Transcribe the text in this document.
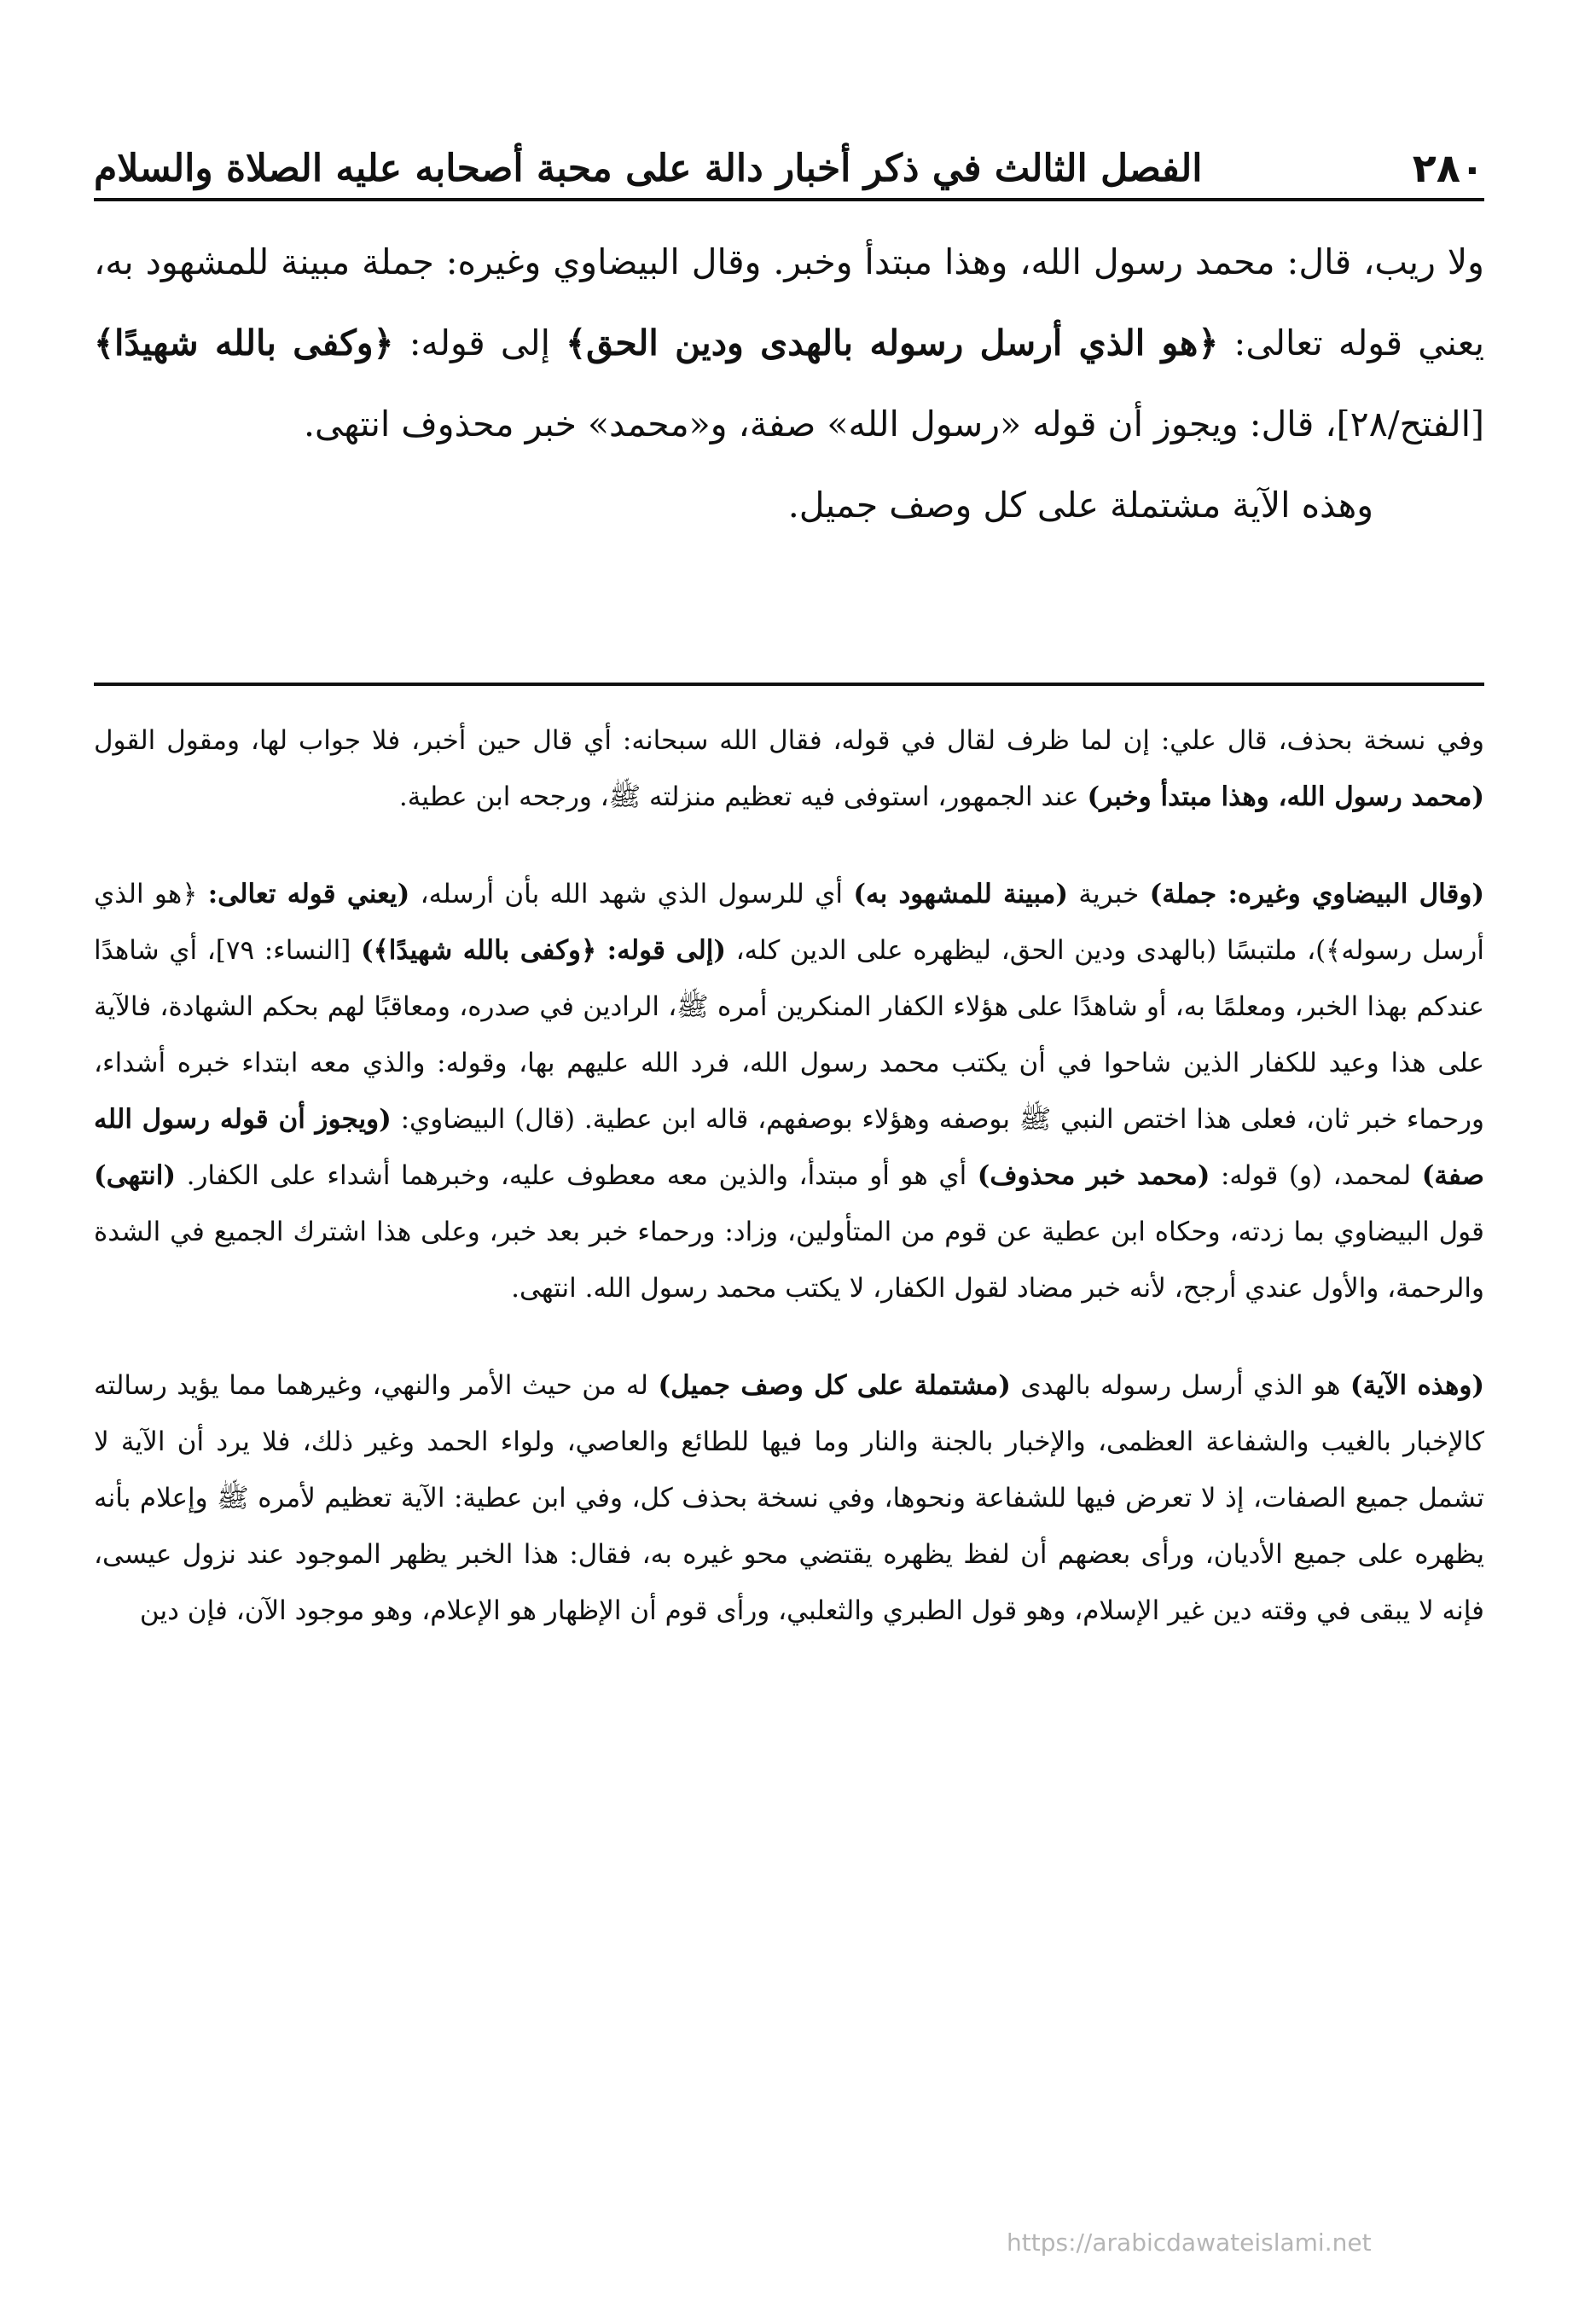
٢٨٠
الفصل الثالث في ذكر أخبار دالة على محبة أصحابه عليه الصلاة والسلام

ولا ريب، قال: محمد رسول الله، وهذا مبتدأ وخبر. وقال البيضاوي وغيره: جملة مبينة للمشهود به، يعني قوله تعالى: ﴿هو الذي أرسل رسوله بالهدى ودين الحق﴾ إلى قوله: ﴿وكفى بالله شهيدًا﴾ [الفتح/٢٨]، قال: ويجوز أن قوله «رسول الله» صفة، و«محمد» خبر محذوف انتهى.

وهذه الآية مشتملة على كل وصف جميل.

وفي نسخة بحذف، قال علي: إن لما ظرف لقال في قوله، فقال الله سبحانه: أي قال حين أخبر، فلا جواب لها، ومقول القول (محمد رسول الله، وهذا مبتدأ وخبر) عند الجمهور، استوفى فيه تعظيم منزلته ﷺ، ورجحه ابن عطية.

(وقال البيضاوي وغيره: جملة) خبرية (مبينة للمشهود به) أي للرسول الذي شهد الله بأن أرسله، (يعني قوله تعالى: ﴿هو الذي أرسل رسوله﴾)، ملتبسًا (بالهدى ودين الحق، ليظهره على الدين كله، (إلى قوله: ﴿وكفى بالله شهيدًا﴾) [النساء: ٧٩]، أي شاهدًا عندكم بهذا الخبر، ومعلمًا به، أو شاهدًا على هؤلاء الكفار المنكرين أمره ﷺ، الرادين في صدره، ومعاقبًا لهم بحكم الشهادة، فالآية على هذا وعيد للكفار الذين شاحوا في أن يكتب محمد رسول الله، فرد الله عليهم بها، وقوله: والذي معه ابتداء خبره أشداء، ورحماء خبر ثان، فعلى هذا اختص النبي ﷺ بوصفه وهؤلاء بوصفهم، قاله ابن عطية. (قال) البيضاوي: (ويجوز أن قوله رسول الله صفة) لمحمد، (و) قوله: (محمد خبر محذوف) أي هو أو مبتدأ، والذين معه معطوف عليه، وخبرهما أشداء على الكفار. (انتهى) قول البيضاوي بما زدته، وحكاه ابن عطية عن قوم من المتأولين، وزاد: ورحماء خبر بعد خبر، وعلى هذا اشترك الجميع في الشدة والرحمة، والأول عندي أرجح، لأنه خبر مضاد لقول الكفار، لا يكتب محمد رسول الله. انتهى.

(وهذه الآية) هو الذي أرسل رسوله بالهدى (مشتملة على كل وصف جميل) له من حيث الأمر والنهي، وغيرهما مما يؤيد رسالته كالإخبار بالغيب والشفاعة العظمى، والإخبار بالجنة والنار وما فيها للطائع والعاصي، ولواء الحمد وغير ذلك، فلا يرد أن الآية لا تشمل جميع الصفات، إذ لا تعرض فيها للشفاعة ونحوها، وفي نسخة بحذف كل، وفي ابن عطية: الآية تعظيم لأمره ﷺ وإعلام بأنه يظهره على جميع الأديان، ورأى بعضهم أن لفظ يظهره يقتضي محو غيره به، فقال: هذا الخبر يظهر الموجود عند نزول عيسى، فإنه لا يبقى في وقته دين غير الإسلام، وهو قول الطبري والثعلبي، ورأى قوم أن الإظهار هو الإعلام، وهو موجود الآن، فإن دين

https://arabicdawateislami.net
